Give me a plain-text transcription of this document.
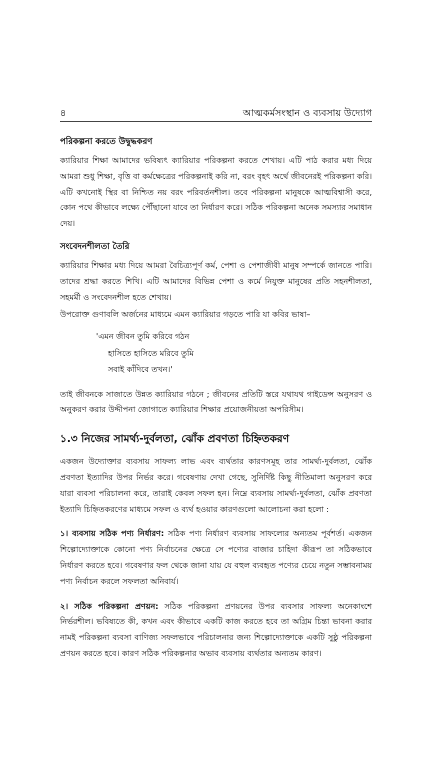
৪	আত্মকর্মসংস্থান ও ব্যবসায় উদ্যোগ
পরিকল্পনা করতে উদ্বুদ্ধকরণ

ক্যারিয়ার শিক্ষা আমাদের ভবিষ্যৎ ক্যারিয়ার পরিকল্পনা করতে শেখায়। এটি পাঠ করার মধ্য দিয়ে আমরা শুধু শিক্ষা, বৃত্তি বা কর্মক্ষেত্রের পরিকল্পনাই করি না, বরং বৃহৎ অর্থে জীবনেরই পরিকল্পনা করি। এটি কখনোই স্থির বা নিশ্চিত নয় বরং পরিবর্তনশীল। তবে পরিকল্পনা মানুষকে আত্মবিশ্বাসী করে, কোন পথে কীভাবে লক্ষ্যে পৌঁছানো যাবে তা নির্ধারণ করে। সঠিক পরিকল্পনা অনেক সমস্যার সমাধান দেয়।

সংবেদনশীলতা তৈরি

ক্যারিয়ার শিক্ষার মধ্য দিয়ে আমরা বৈচিত্র্যপূর্ণ কর্ম, পেশা ও পেশাজীবী মানুষ সম্পর্কে জানতে পারি। তাদের শ্রদ্ধা করতে শিখি। এটি আমাদের বিভিন্ন পেশা ও কর্মে নিযুক্ত মানুষের প্রতি সহনশীলতা, সহমর্মী ও সংবেদনশীল হতে শেখায়।

উপরোক্ত গুণাবলি অর্জনের মাধ্যমে এমন ক্যারিয়ার গড়তে পারি যা কবির ভাষা–

'এমন জীবন তুমি করিবে গঠন
হাসিতে হাসিতে মরিবে তুমি
সবাই কাঁদিবে তখন।'

তাই জীবনকে সাজাতে উন্নত ক্যারিয়ার গঠনে ; জীবনের প্রতিটি স্তরে যথাযথ গাইডেন্স অনুসরণ ও অনুকরণ করার উদ্দীপনা জোগাতে ক্যারিয়ার শিক্ষার প্রয়োজনীয়তা অপরিসীম।

১.৩ নিজের সামর্থ্য-দুর্বলতা, ঝোঁক প্রবণতা চিহ্নিতকরণ

একজন উদ্যোক্তার ব্যবসায় সাফল্য লাভ এবং ব্যর্থতার কারণসমূহ তার সামর্থ্য-দুর্বলতা, ঝোঁক প্রবণতা ইত্যাদির উপর নির্ভর করে। গবেষণায় দেখা গেছে, সুনির্দিষ্ট কিছু নীতিমালা অনুসরণ করে যারা ব্যবসা পরিচালনা করে, তারাই কেবল সফল হন। নিম্নে ব্যবসায় সামর্থ্য-দুর্বলতা, ঝোঁক প্রবণতা ইত্যাদি চিহ্নিতকরণের মাধ্যমে সফল ও ব্যর্থ হওয়ার কারণগুলো আলোচনা করা হলো :

১। ব্যবসায় সঠিক পণ্য নির্ধারণ: সঠিক পণ্য নির্ধারণ ব্যবসায় সাফল্যের অন্যতম পূর্বশর্ত। একজন শিল্পোদ্যোক্তাকে কোনো পণ্য নির্বাচনের ক্ষেত্রে সে পণ্যের বাজার চাহিদা কীরূপ তা সঠিকভাবে নির্ধারণ করতে হবে। গবেষণার ফল থেকে জানা যায় যে বহুল ব্যবহৃত পণ্যের চেয়ে নতুন সম্ভাবনাময় পণ্য নির্বাচন করলে সফলতা অনিবার্য।

২। সঠিক পরিকল্পনা প্রণয়ন: সঠিক পরিকল্পনা প্রণয়নের উপর ব্যবসার সাফল্য অনেকাংশে নির্ভরশীল। ভবিষ্যতে কী, কখন এবং কীভাবে একটি কাজ করতে হবে তা অগ্রিম চিন্তা ভাবনা করার নামই পরিকল্পনা ব্যবসা বাণিজ্য সফলভাবে পরিচালনার জন্য শিল্পোদ্যোক্তাকে একটি সুষ্ঠু পরিকল্পনা প্রণয়ন করতে হবে। কারণ সঠিক পরিকল্পনার অভাব ব্যবসায় ব্যর্থতার অন্যতম কারণ।
